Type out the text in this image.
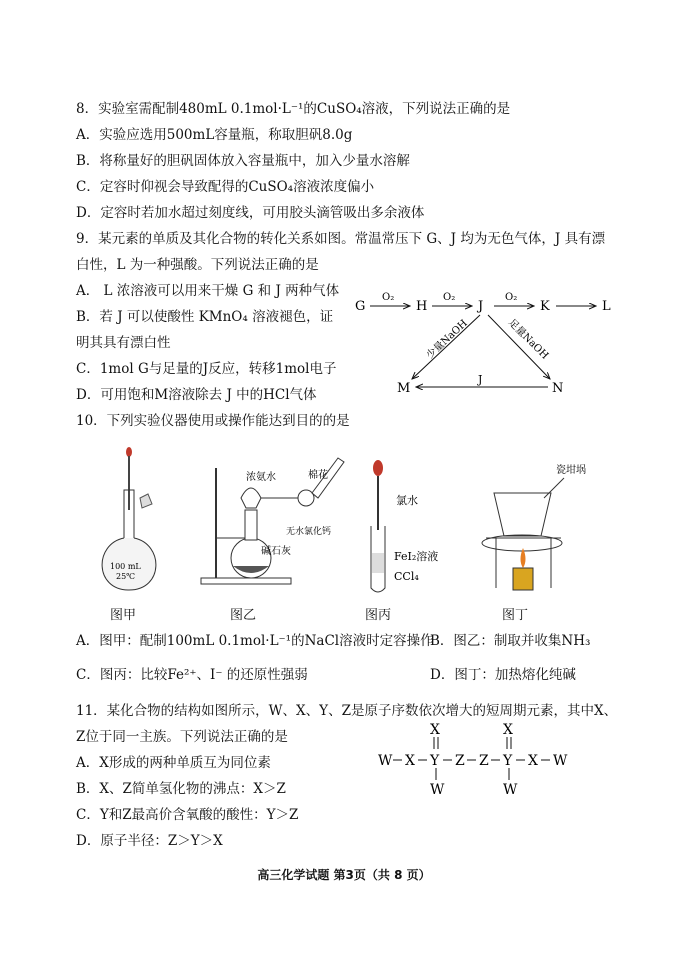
8．实验室需配制480mL 0.1mol·L⁻¹的CuSO₄溶液，下列说法正确的是
A．实验应选用500mL容量瓶，称取胆矾8.0g
B．将称量好的胆矾固体放入容量瓶中，加入少量水溶解
C．定容时仰视会导致配得的CuSO₄溶液浓度偏小
D．定容时若加水超过刻度线，可用胶头滴管吸出多余液体
9．某元素的单质及其化合物的转化关系如图。常温常压下 G、J 均为无色气体，J 具有漂
白性，L 为一种强酸。下列说法正确的是
A． L 浓溶液可以用来干燥 G 和 J 两种气体
B．若 J 可以使酸性 KMnO₄ 溶液褪色，证
明其具有漂白性
C．1mol G与足量的J反应，转移1mol电子
D．可用饱和M溶液除去 J 中的HCl气体
G
O₂
H
O₂
J
O₂
K	L
少量NaOH	足量NaOH
M
J
N
10．下列实验仪器使用或操作能达到目的的是
100 mL
25℃
浓氨水	棉花
无水氯化钙
碱石灰
氯水
FeI₂溶液
CCl₄
瓷坩埚
图甲	图乙	图丙	图丁
A．图甲：配制100mL 0.1mol·L⁻¹的NaCl溶液时定容操作
B．图乙：制取并收集NH₃
C．图丙：比较Fe²⁺、I⁻ 的还原性强弱	D．图丁：加热熔化纯碱
11．某化合物的结构如图所示，W、X、Y、Z是原子序数依次增大的短周期元素，其中X、
Z位于同一主族。下列说法正确的是
A．X形成的两种单质互为同位素
B．X、Z简单氢化物的沸点：X＞Z
C．Y和Z最高价含氧酸的酸性：Y＞Z
D．原子半径：Z＞Y＞X
W X Y Z Z Y X W
X	X
W	W
高三化学试题 第3页（共 8 页）
